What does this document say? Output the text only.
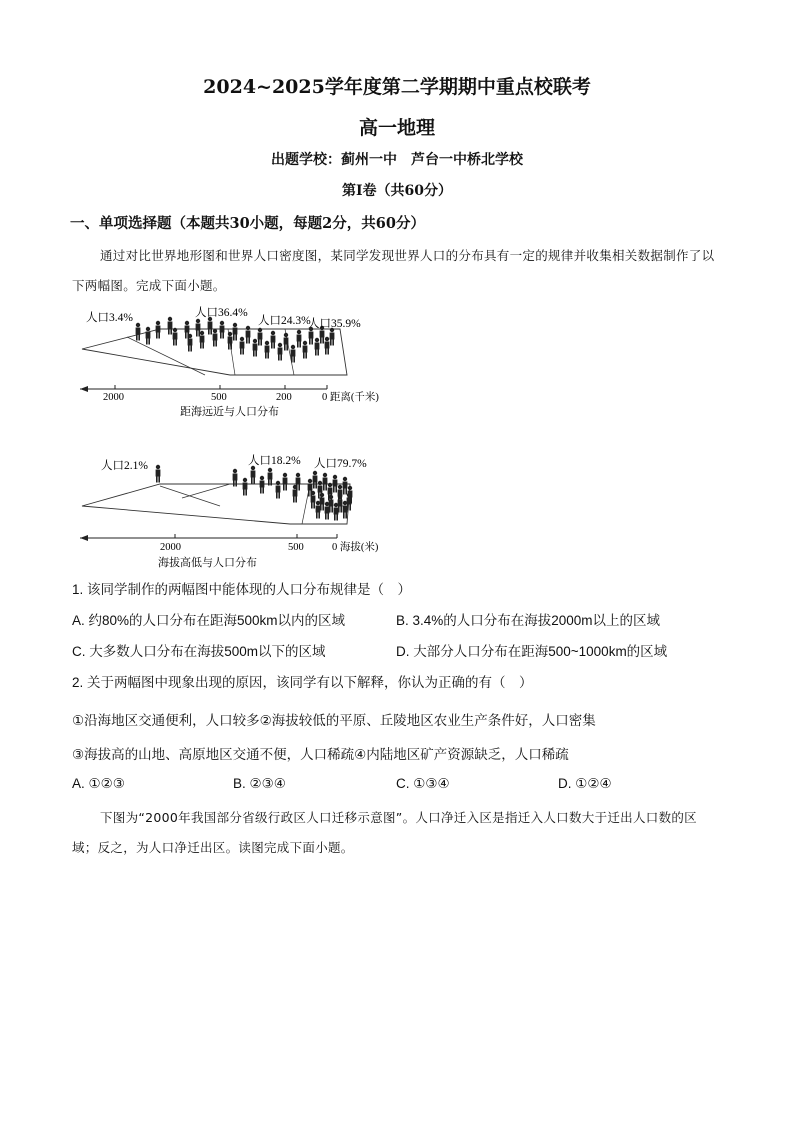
2024~2025学年度第二学期期中重点校联考
高一地理
出题学校：蓟州一中　芦台一中桥北学校
第Ⅰ卷（共60分）
一、单项选择题（本题共30小题，每题2分，共60分）
通过对比世界地形图和世界人口密度图，某同学发现世界人口的分布具有一定的规律并收集相关数据制作了以下两幅图。完成下面小题。
人口3.4%	人口36.4%
人口24.3%
人口35.9%
2000	500	200	0 距离(千米)
距海远近与人口分布
人口2.1%	人口18.2% 人口79.7%
2000	500	0 海拔(米)
海拔高低与人口分布
1. 该同学制作的两幅图中能体现的人口分布规律是（　）
A. 约80%的人口分布在距海500km以内的区域	B. 3.4%的人口分布在海拔2000m以上的区域
C. 大多数人口分布在海拔500m以下的区域	D. 大部分人口分布在距海500~1000km的区域
2. 关于两幅图中现象出现的原因，该同学有以下解释，你认为正确的有（　）
①沿海地区交通便利，人口较多②海拔较低的平原、丘陵地区农业生产条件好，人口密集
③海拔高的山地、高原地区交通不便，人口稀疏④内陆地区矿产资源缺乏，人口稀疏
A. ①②③	B. ②③④	C. ①③④	D. ①②④
下图为“2000年我国部分省级行政区人口迁移示意图”。人口净迁入区是指迁入人口数大于迁出人口数的区域；反之，为人口净迁出区。读图完成下面小题。
